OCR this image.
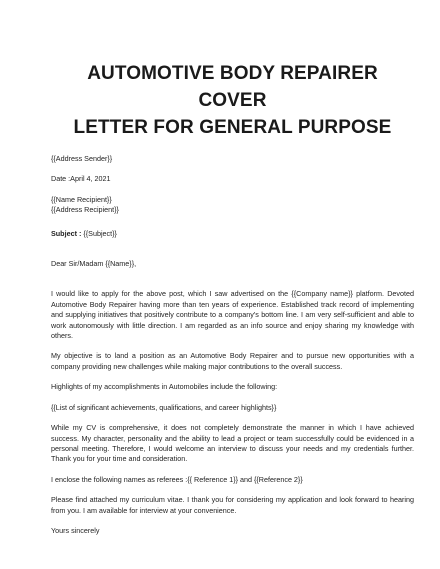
AUTOMOTIVE BODY REPAIRER COVER
LETTER FOR GENERAL PURPOSE

{{Address Sender}}

Date :April 4, 2021

{{Name Recipient}}

{{Address Recipient}}

Subject : {{Subject}}

Dear Sir/Madam {{Name}},

I would like to apply for the above post, which I saw advertised on the {{Company name}} platform. Devoted Automotive Body Repairer having more than ten years of experience. Established track record of implementing and supplying initiatives that positively contribute to a company's bottom line. I am very self-sufficient and able to work autonomously with little direction. I am regarded as an info source and enjoy sharing my knowledge with others.

My objective is to land a position as an Automotive Body Repairer and to pursue new opportunities with a company providing new challenges while making major contributions to the overall success.

Highlights of my accomplishments in Automobiles include the following:

{{List of significant achievements, qualifications, and career highlights}}

While my CV is comprehensive, it does not completely demonstrate the manner in which I have achieved success. My character, personality and the ability to lead a project or team successfully could be evidenced in a personal meeting. Therefore, I would welcome an interview to discuss your needs and my credentials further. Thank you for your time and consideration.

I enclose the following names as referees :{{ Reference 1}} and {{Reference 2}}

Please find attached my curriculum vitae. I thank you for considering my application and look forward to hearing from you. I am available for interview at your convenience.

Yours sincerely
